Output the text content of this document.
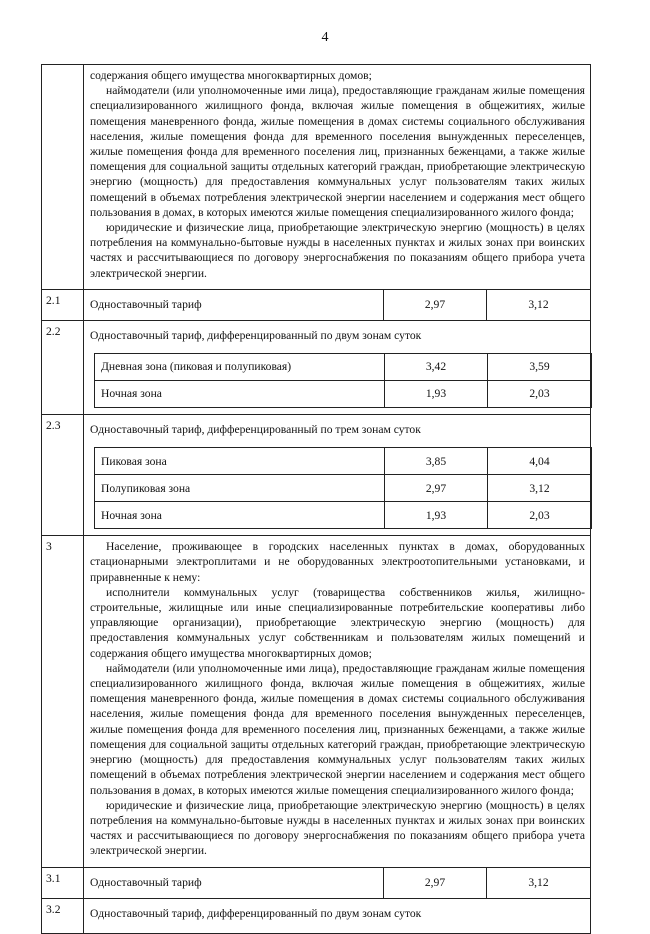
4

содержания общего имущества многоквартирных домов;

наймодатели (или уполномоченные ими лица), предоставляющие гражданам жилые помещения специализированного жилищного фонда, включая жилые помещения в общежитиях, жилые помещения маневренного фонда, жилые помещения в домах системы социального обслуживания населения, жилые помещения фонда для временного поселения вынужденных переселенцев, жилые помещения фонда для временного поселения лиц, признанных беженцами, а также жилые помещения для социальной защиты отдельных категорий граждан, приобретающие электрическую энергию (мощность) для предоставления коммунальных услуг пользователям таких жилых помещений в объемах потребления электрической энергии населением и содержания мест общего пользования в домах, в которых имеются жилые помещения специализированного жилого фонда;

юридические и физические лица, приобретающие электрическую энергию (мощность) в целях потребления на коммунально-бытовые нужды в населенных пунктах и жилых зонах при воинских частях и рассчитывающиеся по договору энергоснабжения по показаниям общего прибора учета электрической энергии.

2.1	Одноставочный тариф	2,97	3,12
2.2	Одноставочный тариф, дифференцированный по двум зонам суток
Дневная зона (пиковая и полупиковая)	3,42	3,59
Ночная зона	1,93	2,03

2.3	Одноставочный тариф, дифференцированный по трем зонам суток
Пиковая зона	3,85	4,04
Полупиковая зона	2,97	3,12
Ночная зона	1,93	2,03

3	Население, проживающее в городских населенных пунктах в домах, оборудованных стационарными электроплитами и не оборудованных электроотопительными установками, и приравненные к нему:

исполнители коммунальных услуг (товарищества собственников жилья, жилищно-строительные, жилищные или иные специализированные потребительские кооперативы либо управляющие организации), приобретающие электрическую энергию (мощность) для предоставления коммунальных услуг собственникам и пользователям жилых помещений и содержания общего имущества многоквартирных домов;

наймодатели (или уполномоченные ими лица), предоставляющие гражданам жилые помещения специализированного жилищного фонда, включая жилые помещения в общежитиях, жилые помещения маневренного фонда, жилые помещения в домах системы социального обслуживания населения, жилые помещения фонда для временного поселения вынужденных переселенцев, жилые помещения фонда для временного поселения лиц, признанных беженцами, а также жилые помещения для социальной защиты отдельных категорий граждан, приобретающие электрическую энергию (мощность) для предоставления коммунальных услуг пользователям таких жилых помещений в объемах потребления электрической энергии населением и содержания мест общего пользования в домах, в которых имеются жилые помещения специализированного жилого фонда;

юридические и физические лица, приобретающие электрическую энергию (мощность) в целях потребления на коммунально-бытовые нужды в населенных пунктах и жилых зонах при воинских частях и рассчитывающиеся по договору энергоснабжения по показаниям общего прибора учета электрической энергии.

3.1	Одноставочный тариф	2,97	3,12
3.2	Одноставочный тариф, дифференцированный по двум зонам суток
